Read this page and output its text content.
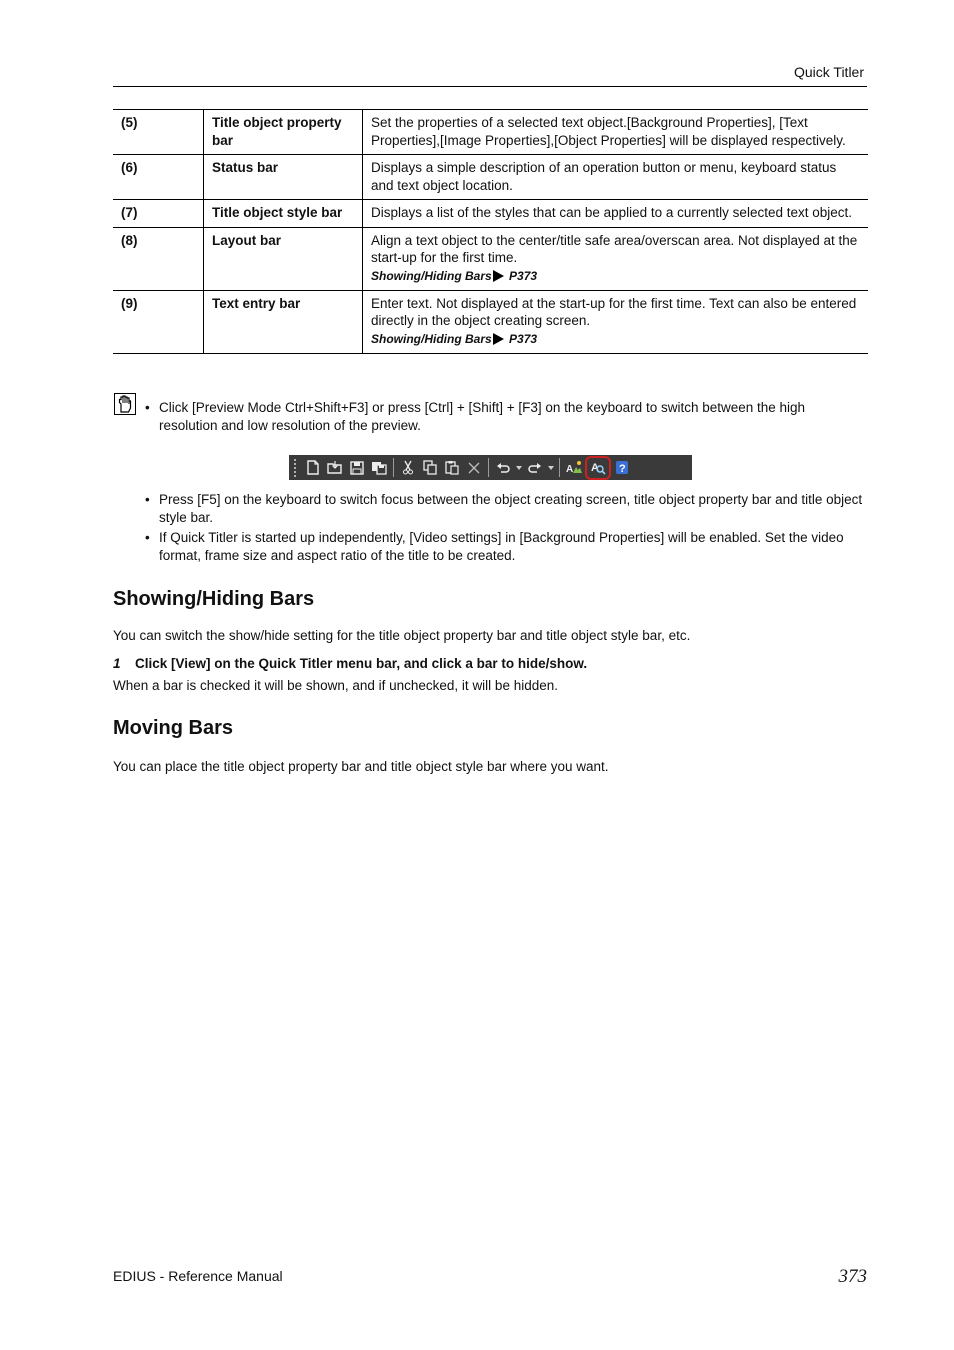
Quick Titler
(5)	Title object property bar	Set the properties of a selected text object.[Background Properties], [Text Properties],[Image Properties],[Object Properties] will be displayed respectively.
(6)	Status bar	Displays a simple description of an operation button or menu, keyboard status and text object location.
(7)	Title object style bar	Displays a list of the styles that can be applied to a currently selected text object.
(8)	Layout bar	Align a text object to the center/title safe area/overscan area. Not displayed at the start-up for the first time.
Showing/Hiding Bars P373

(9)	Text entry bar	Enter text. Not displayed at the start-up for the first time. Text can also be entered directly in the object creating screen.
Showing/Hiding Bars P373
• Click [Preview Mode Ctrl+Shift+F3] or press [Ctrl] + [Shift] + [F3] on the keyboard to switch between the high resolution and low resolution of the preview.
A A ?
• Press [F5] on the keyboard to switch focus between the object creating screen, title object property bar and title object style bar.
• If Quick Titler is started up independently, [Video settings] in [Background Properties] will be enabled. Set the video format, frame size and aspect ratio of the title to be created.
Showing/Hiding Bars
You can switch the show/hide setting for the title object property bar and title object style bar, etc.
1 Click [View] on the Quick Titler menu bar, and click a bar to hide/show.
When a bar is checked it will be shown, and if unchecked, it will be hidden.
Moving Bars
You can place the title object property bar and title object style bar where you want.
EDIUS - Reference Manual	373
